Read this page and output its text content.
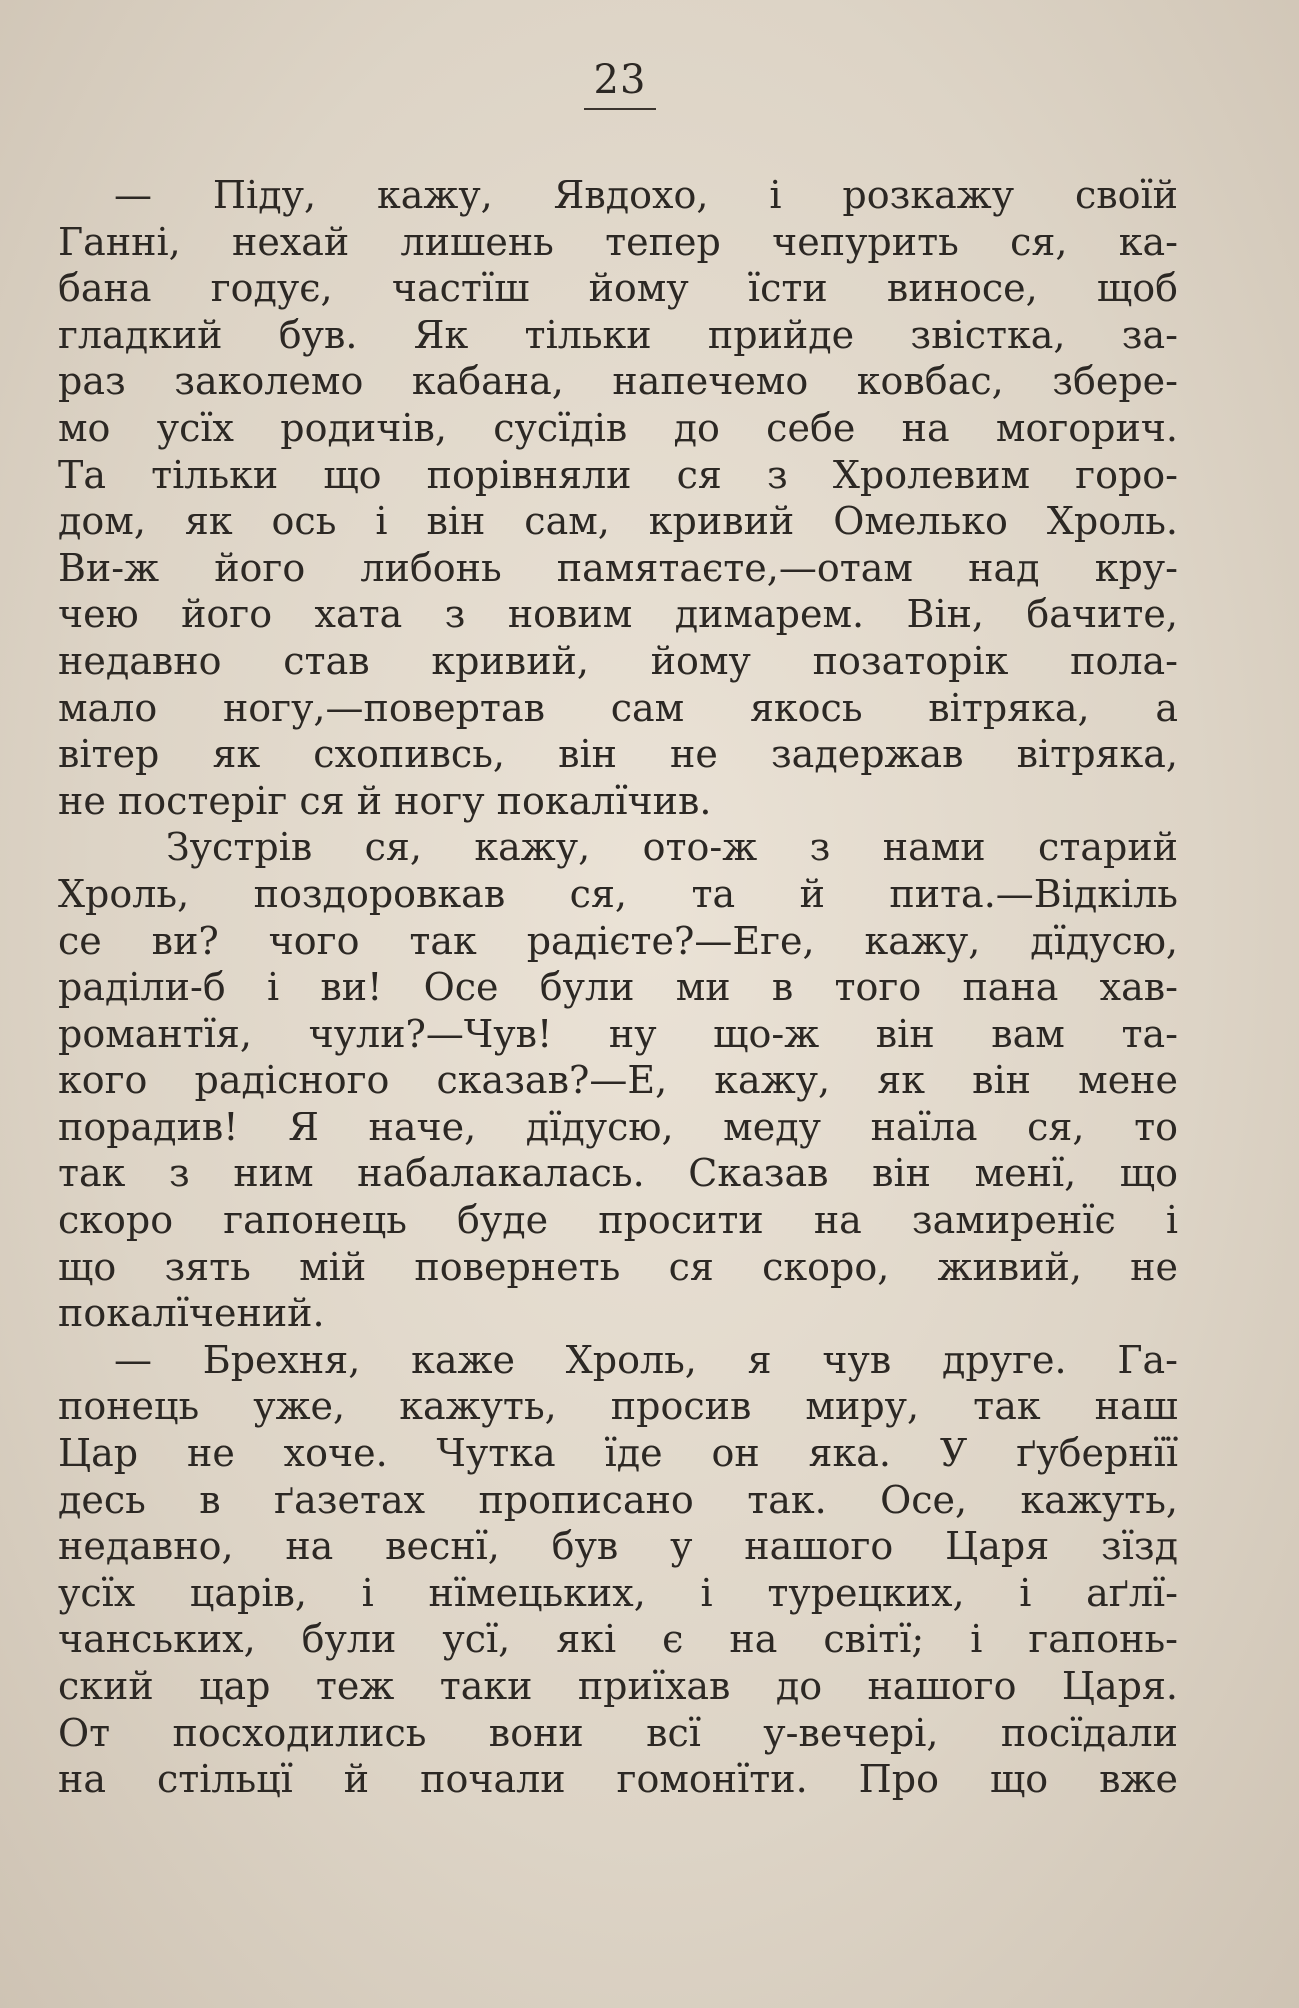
23
— Піду, кажу, Явдохо, і розкажу своїй
Ганні, нехай лишень тепер чепурить ся, ка-
бана годує, частїш йому їсти виносе, щоб
гладкий був. Як тільки прийде звістка, за-
раз заколемо кабана, напечемо ковбас, збере-
мо усїх родичів, сусїдів до себе на могорич.
Та тільки що порівняли ся з Хролевим горо-
дом, як ось і він сам, кривий Омелько Хроль.
Ви-ж його либонь памятаєте,—отам над кру-
чею його хата з новим димарем. Він, бачите,
недавно став кривий, йому позаторік пола-
мало ногу,—повертав сам якось вітряка, а
вітер як схопивсь, він не задержав вітряка,
не постеріг ся й ногу покалїчив.
Зустрів ся, кажу, ото-ж з нами старий
Хроль, поздоровкав ся, та й пита.—Відкіль
се ви? чого так радієте?—Еге, кажу, дїдусю,
раділи-б і ви! Осе були ми в того пана хав-
романтїя, чули?—Чув! ну що-ж він вам та-
кого радісного сказав?—Е, кажу, як він мене
порадив! Я наче, дїдусю, меду наїла ся, то
так з ним набалакалась. Сказав він менї, що
скоро гапонець буде просити на замиренїє і
що зять мій повернеть ся скоро, живий, не
покалїчений.
— Брехня, каже Хроль, я чув друге. Га-
понець уже, кажуть, просив миру, так наш
Цар не хоче. Чутка їде он яка. У ґубернїї
десь в ґазетах прописано так. Осе, кажуть,
недавно, на веснї, був у нашого Царя зїзд
усїх царів, і нїмецьких, і турецких, і аґлї-
чанських, були усї, які є на світї; і гапонь-
ский цар теж таки приїхав до нашого Царя.
От посходились вони всї у-вечері, посїдали
на стільцї й почали гомонїти. Про що вже
